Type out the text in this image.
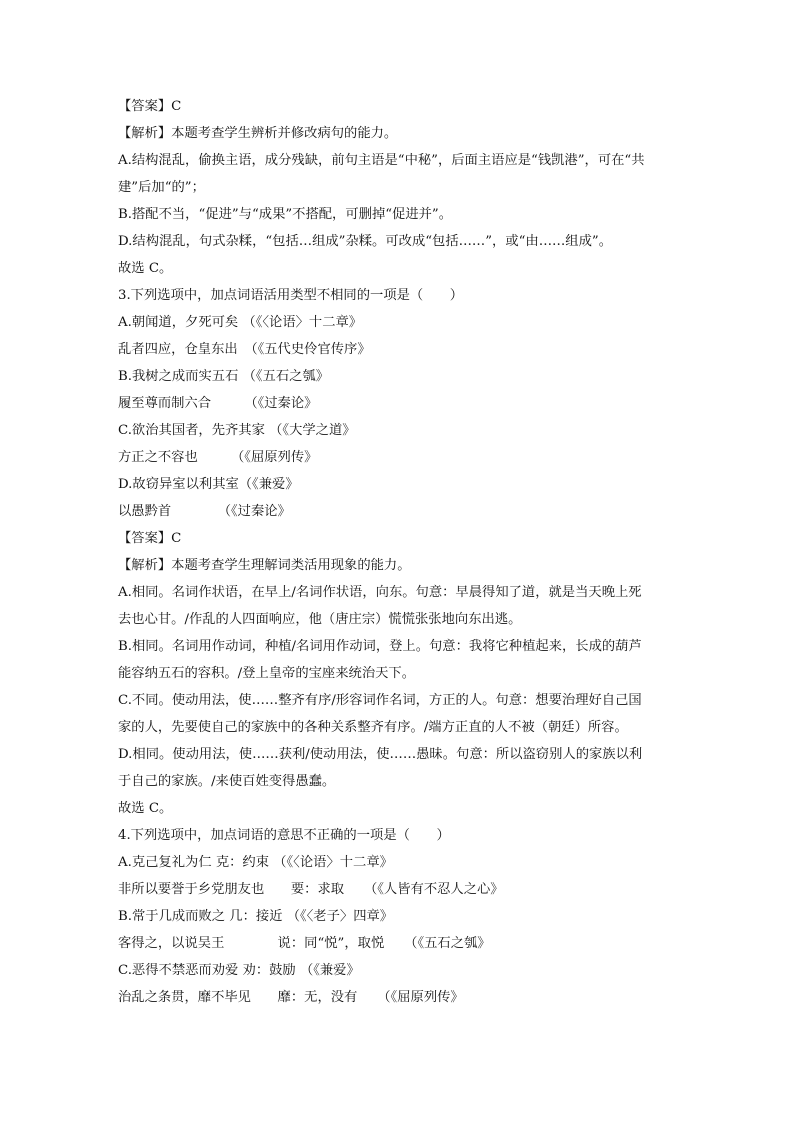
【答案】C
【解析】本题考查学生辨析并修改病句的能力。
A.结构混乱，偷换主语，成分残缺，前句主语是“中秘”，后面主语应是“钱凯港”，可在“共
建”后加“的”；
B.搭配不当，“促进”与“成果”不搭配，可删掉“促进并”。
D.结构混乱，句式杂糅，“包括…组成”杂糅。可改成“包括……”，或“由……组成”。
故选 C。
3.下列选项中，加点词语活用类型不相同的一项是（　　）
A.朝闻道，夕死可矣 （《〈论语〉十二章》
乱者四应，仓皇东出　（《五代史伶官传序》
B.我树之成而实五石 （《五石之瓠》
履至尊而制六合　　　（《过秦论》
C.欲治其国者，先齐其家 （《大学之道》
方正之不容也　　　（《屈原列传》
D.故窃异室以利其室（《兼爱》
以愚黔首　　　　（《过秦论》
【答案】C
【解析】本题考查学生理解词类活用现象的能力。
A.相同。名词作状语，在早上/名词作状语，向东。句意：早晨得知了道，就是当天晚上死
去也心甘。/作乱的人四面响应，他（唐庄宗）慌慌张张地向东出逃。
B.相同。名词用作动词，种植/名词用作动词，登上。句意：我将它种植起来，长成的葫芦
能容纳五石的容积。/登上皇帝的宝座来统治天下。
C.不同。使动用法，使……整齐有序/形容词作名词，方正的人。句意：想要治理好自己国
家的人，先要使自己的家族中的各种关系整齐有序。/端方正直的人不被（朝廷）所容。
D.相同。使动用法，使……获利/使动用法，使……愚昧。句意：所以盗窃别人的家族以利
于自己的家族。/来使百姓变得愚蠢。
故选 C。
4.下列选项中，加点词语的意思不正确的一项是（　　）
A.克己复礼为仁 克：约束 （《〈论语〉十二章》
非所以要誉于乡党朋友也　　要：求取　　（《人皆有不忍人之心》
B.常于几成而败之 几：接近 （《〈老子〉四章》
客得之，以说吴王　　　　说：同“悦”，取悦　　（《五石之瓠》
C.恶得不禁恶而劝爱 劝：鼓励 （《兼爱》
治乱之条贯，靡不毕见　　靡：无，没有　　（《屈原列传》
